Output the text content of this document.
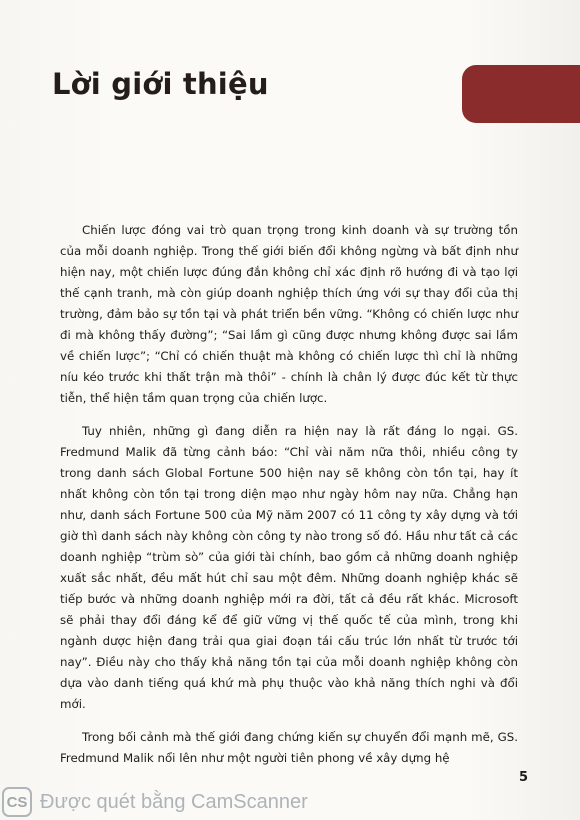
Lời giới thiệu

Chiến lược đóng vai trò quan trọng trong kinh doanh và sự trường tồn của mỗi doanh nghiệp. Trong thế giới biến đổi không ngừng và bất định như hiện nay, một chiến lược đúng đắn không chỉ xác định rõ hướng đi và tạo lợi thế cạnh tranh, mà còn giúp doanh nghiệp thích ứng với sự thay đổi của thị trường, đảm bảo sự tồn tại và phát triển bền vững. “Không có chiến lược như đi mà không thấy đường”; “Sai lầm gì cũng được nhưng không được sai lầm về chiến lược”; “Chỉ có chiến thuật mà không có chiến lược thì chỉ là những níu kéo trước khi thất trận mà thôi” - chính là chân lý được đúc kết từ thực tiễn, thể hiện tầm quan trọng của chiến lược.

Tuy nhiên, những gì đang diễn ra hiện nay là rất đáng lo ngại. GS. Fredmund Malik đã từng cảnh báo: “Chỉ vài năm nữa thôi, nhiều công ty trong danh sách Global Fortune 500 hiện nay sẽ không còn tồn tại, hay ít nhất không còn tồn tại trong diện mạo như ngày hôm nay nữa. Chẳng hạn như, danh sách Fortune 500 của Mỹ năm 2007 có 11 công ty xây dựng và tới giờ thì danh sách này không còn công ty nào trong số đó. Hầu như tất cả các doanh nghiệp “trùm sò” của giới tài chính, bao gồm cả những doanh nghiệp xuất sắc nhất, đều mất hút chỉ sau một đêm. Những doanh nghiệp khác sẽ tiếp bước và những doanh nghiệp mới ra đời, tất cả đều rất khác. Microsoft sẽ phải thay đổi đáng kể để giữ vững vị thế quốc tế của mình, trong khi ngành dược hiện đang trải qua giai đoạn tái cấu trúc lớn nhất từ trước tới nay”. Điều này cho thấy khả năng tồn tại của mỗi doanh nghiệp không còn dựa vào danh tiếng quá khứ mà phụ thuộc vào khả năng thích nghi và đổi mới.

Trong bối cảnh mà thế giới đang chứng kiến sự chuyển đổi mạnh mẽ, GS. Fredmund Malik nổi lên như một người tiên phong về xây dựng hệ

5
CS Được quét bằng CamScanner
